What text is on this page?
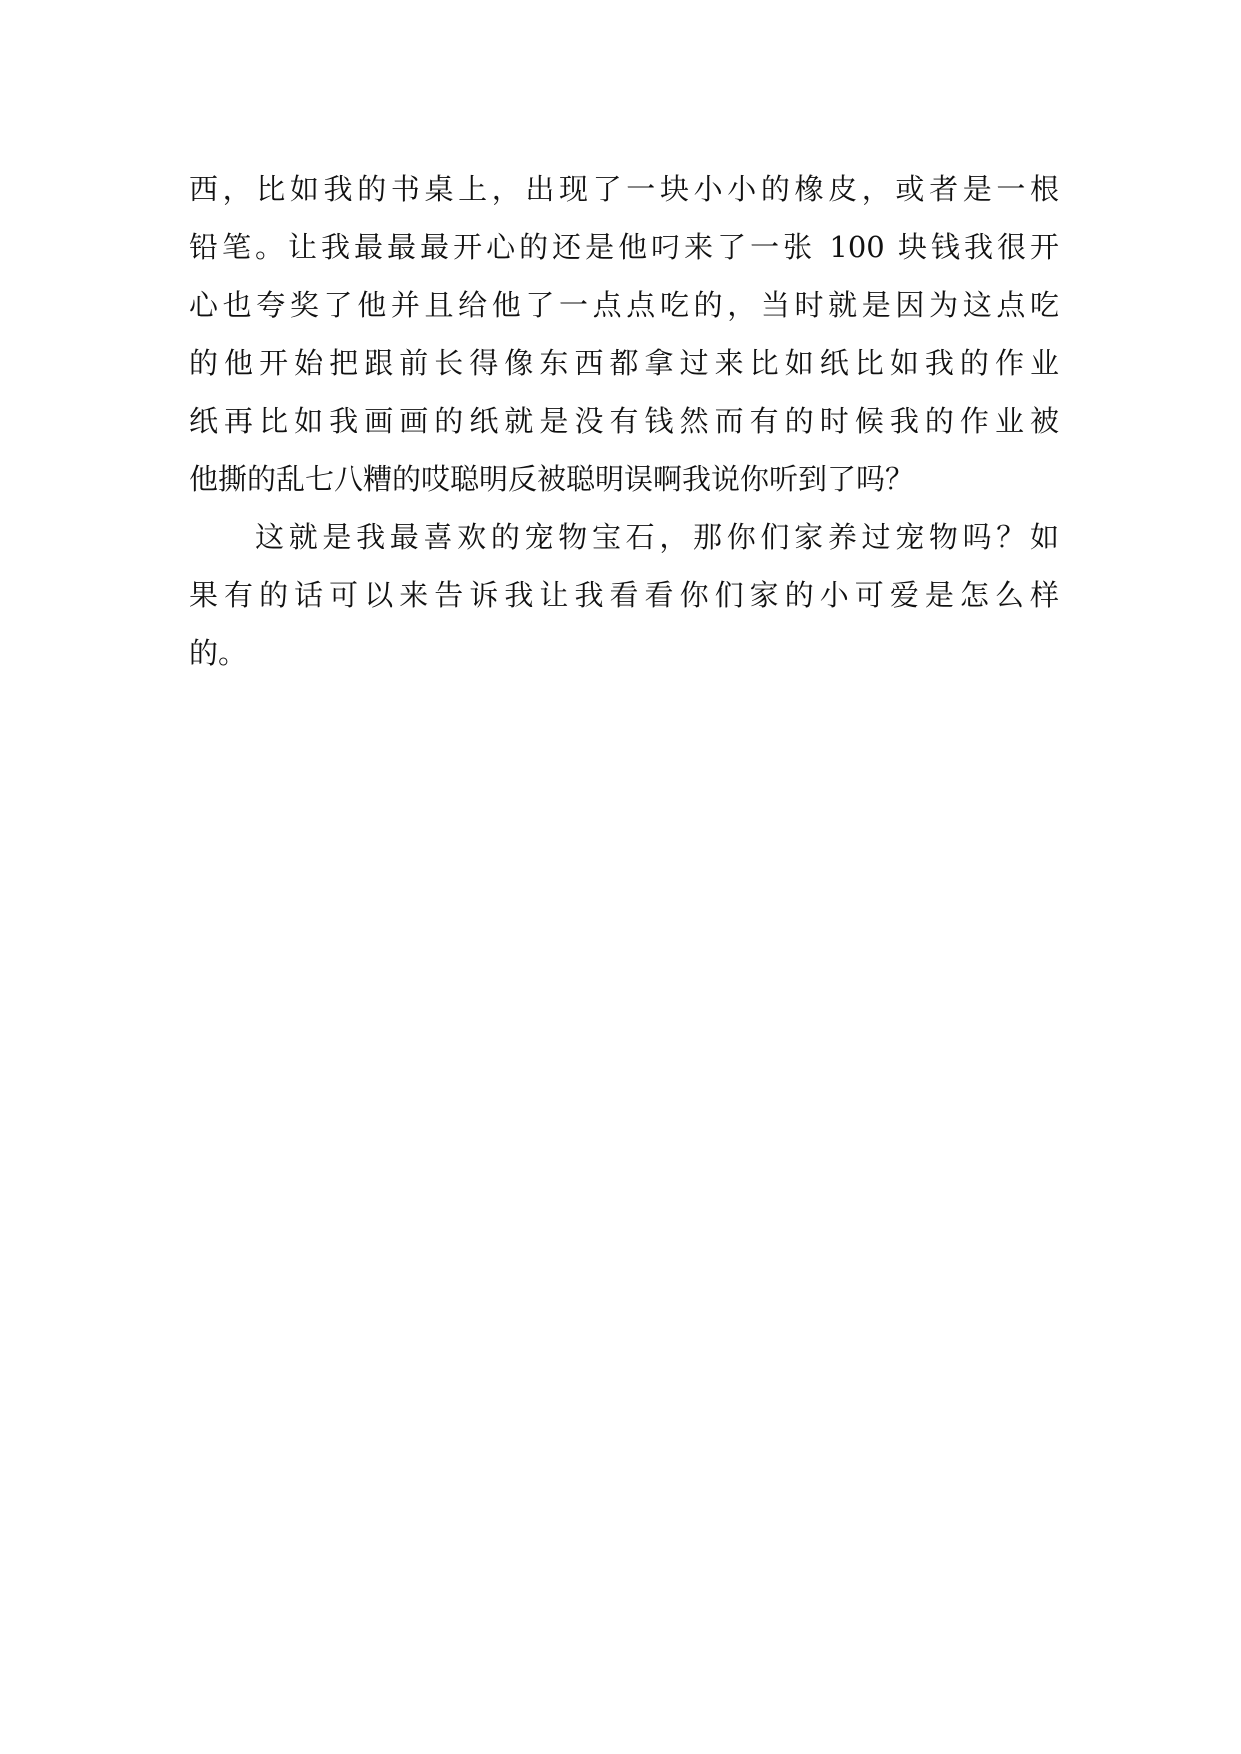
西，比如我的书桌上，出现了一块小小的橡皮，或者是一根
铅笔。让我最最最开心的还是他叼来了一张 100 块钱我很开
心也夸奖了他并且给他了一点点吃的，当时就是因为这点吃
的他开始把跟前长得像东西都拿过来比如纸比如我的作业
纸再比如我画画的纸就是没有钱然而有的时候我的作业被
他撕的乱七八糟的哎聪明反被聪明误啊我说你听到了吗？
这就是我最喜欢的宠物宝石，那你们家养过宠物吗？如
果有的话可以来告诉我让我看看你们家的小可爱是怎么样
的。
